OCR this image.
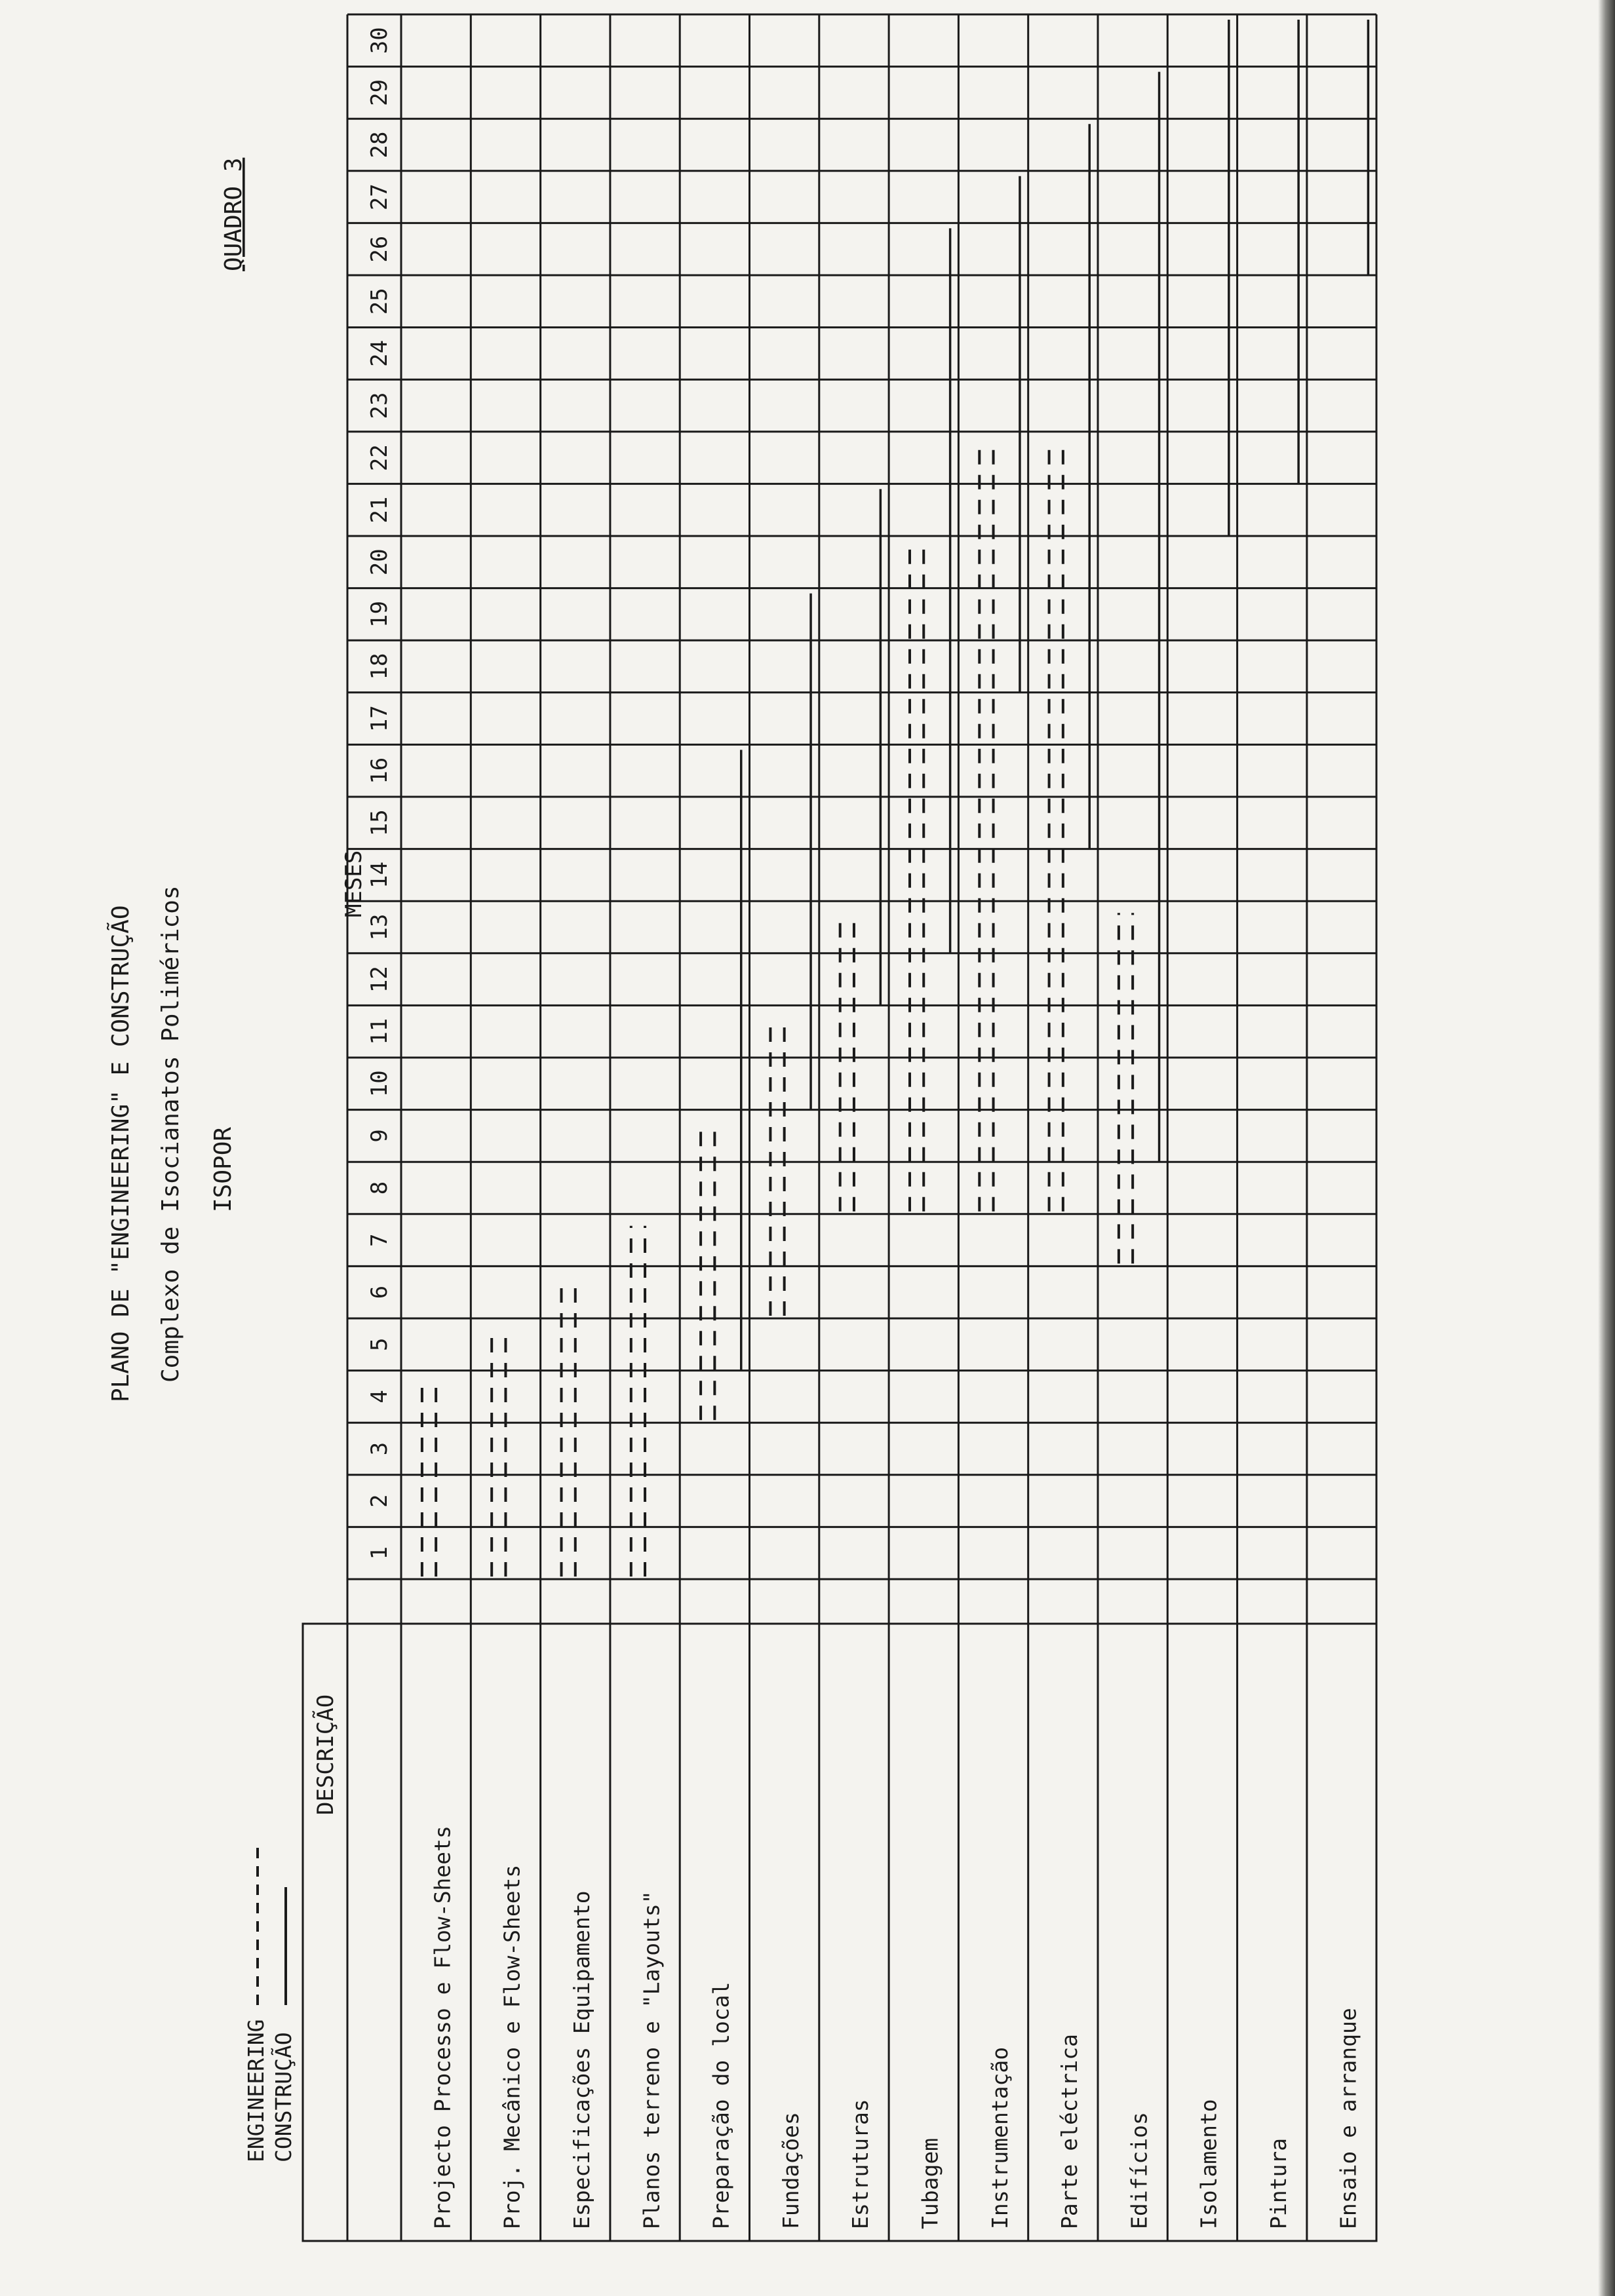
QUADRO 3
PLANO DE "ENGINEERING" E CONSTRUÇÃO Complexo de Isocianatos Poliméricos ISOPOR
ENGINEERING CONSTRUÇÃO
DESCRIÇÃO
MESES
1
2
3
4
5
6
7
8
9
10
11
12
13
14
15
16
17
18
19
20
21
22
23
24
25
26
27
28
29
30
Projecto Processo e Flow-Sheets Proj. Mecânico e Flow-Sheets Especificações Equipamento Planos terreno e "Layouts" Preparação do local Fundações Estruturas Tubagem Instrumentação Parte eléctrica Edifícios Isolamento Pintura Ensaio e arranque
